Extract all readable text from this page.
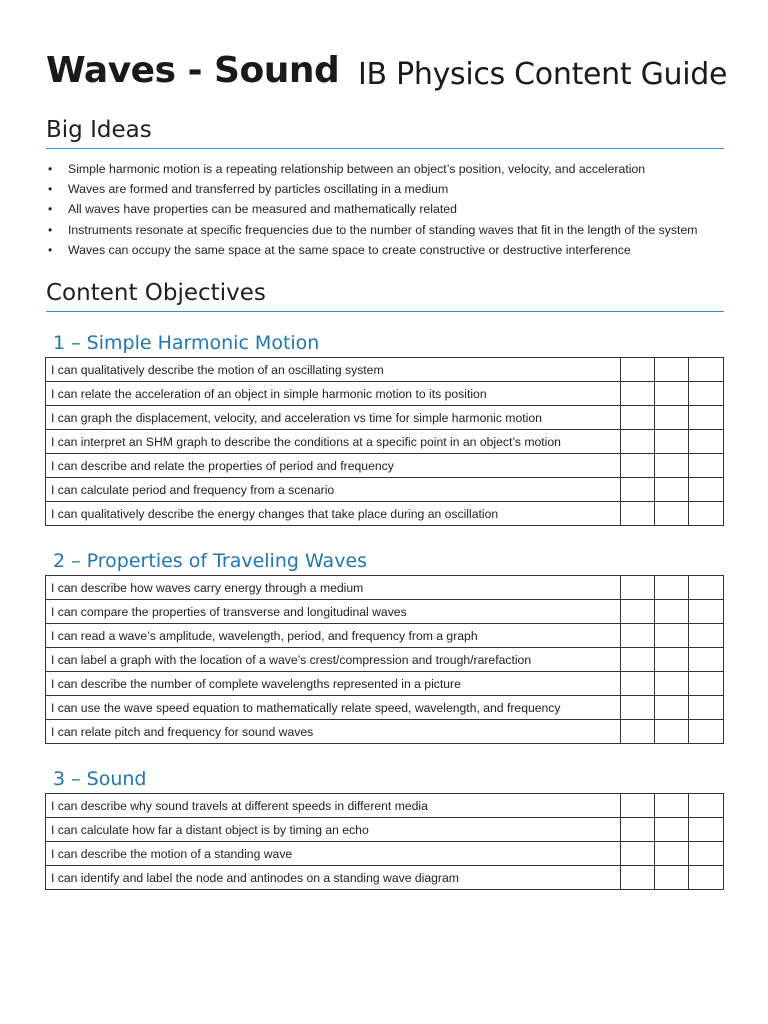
Waves - Sound IB Physics Content Guide
Big Ideas
• Simple harmonic motion is a repeating relationship between an object’s position, velocity, and acceleration
• Waves are formed and transferred by particles oscillating in a medium
• All waves have properties can be measured and mathematically related
• Instruments resonate at specific frequencies due to the number of standing waves that fit in the length of the system
• Waves can occupy the same space at the same space to create constructive or destructive interference
Content Objectives
1 – Simple Harmonic Motion
I can qualitatively describe the motion of an oscillating system			
I can relate the acceleration of an object in simple harmonic motion to its position			
I can graph the displacement, velocity, and acceleration vs time for simple harmonic motion			
I can interpret an SHM graph to describe the conditions at a specific point in an object’s motion			
I can describe and relate the properties of period and frequency			
I can calculate period and frequency from a scenario			
I can qualitatively describe the energy changes that take place during an oscillation			
2 – Properties of Traveling Waves
I can describe how waves carry energy through a medium			
I can compare the properties of transverse and longitudinal waves			
I can read a wave’s amplitude, wavelength, period, and frequency from a graph			
I can label a graph with the location of a wave’s crest/compression and trough/rarefaction			
I can describe the number of complete wavelengths represented in a picture			
I can use the wave speed equation to mathematically relate speed, wavelength, and frequency			
I can relate pitch and frequency for sound waves			
3 – Sound
I can describe why sound travels at different speeds in different media			
I can calculate how far a distant object is by timing an echo			
I can describe the motion of a standing wave			
I can identify and label the node and antinodes on a standing wave diagram			
